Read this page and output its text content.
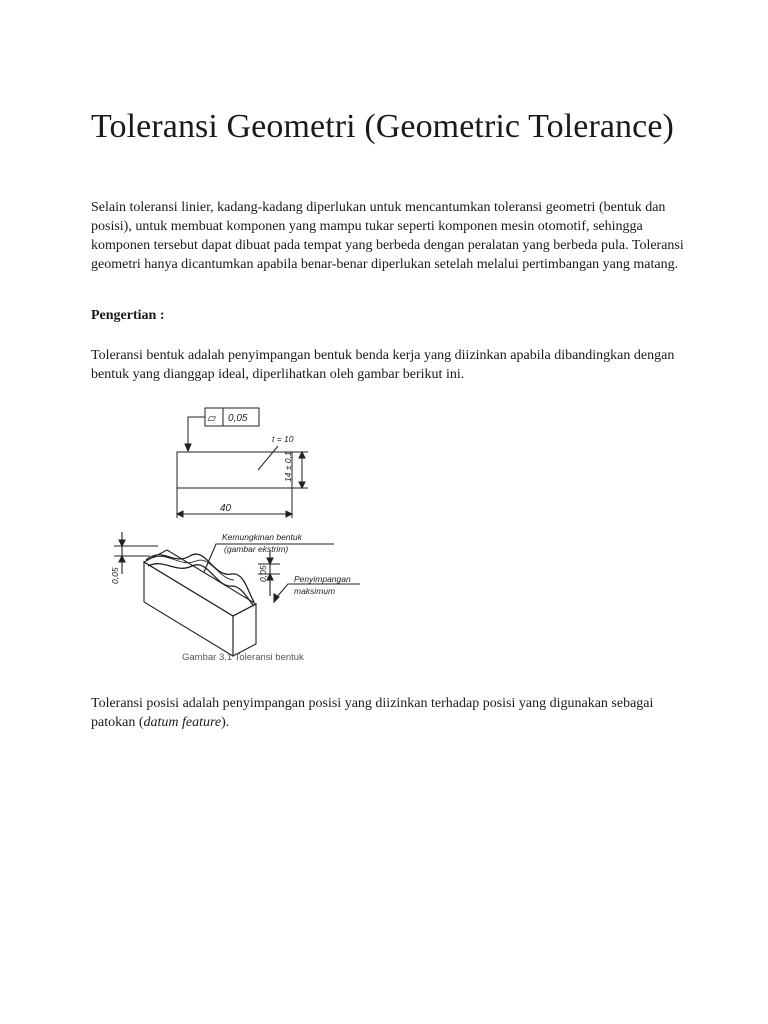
Toleransi Geometri (Geometric Tolerance)

Selain toleransi linier, kadang-kadang diperlukan untuk mencantumkan toleransi geometri (bentuk dan posisi), untuk membuat komponen yang mampu tukar seperti komponen mesin otomotif, sehingga komponen tersebut dapat dibuat pada tempat yang berbeda dengan peralatan yang berbeda pula. Toleransi geometri hanya dicantumkan apabila benar-benar diperlukan setelah melalui pertimbangan yang matang.

Pengertian :

Toleransi bentuk adalah penyimpangan bentuk benda kerja yang diizinkan apabila dibandingkan dengan bentuk yang dianggap ideal, diperlihatkan oleh gambar berikut ini.

▱ 0,05
t = 10
14 ± 0,1
40
0,05	0,05
Kemungkinan bentuk
(gambar ekstrim)
Penyimpangan
maksimum
Gambar 3.1 Toleransi bentuk

Toleransi posisi adalah penyimpangan posisi yang diizinkan terhadap posisi yang digunakan sebagai patokan (datum feature).
